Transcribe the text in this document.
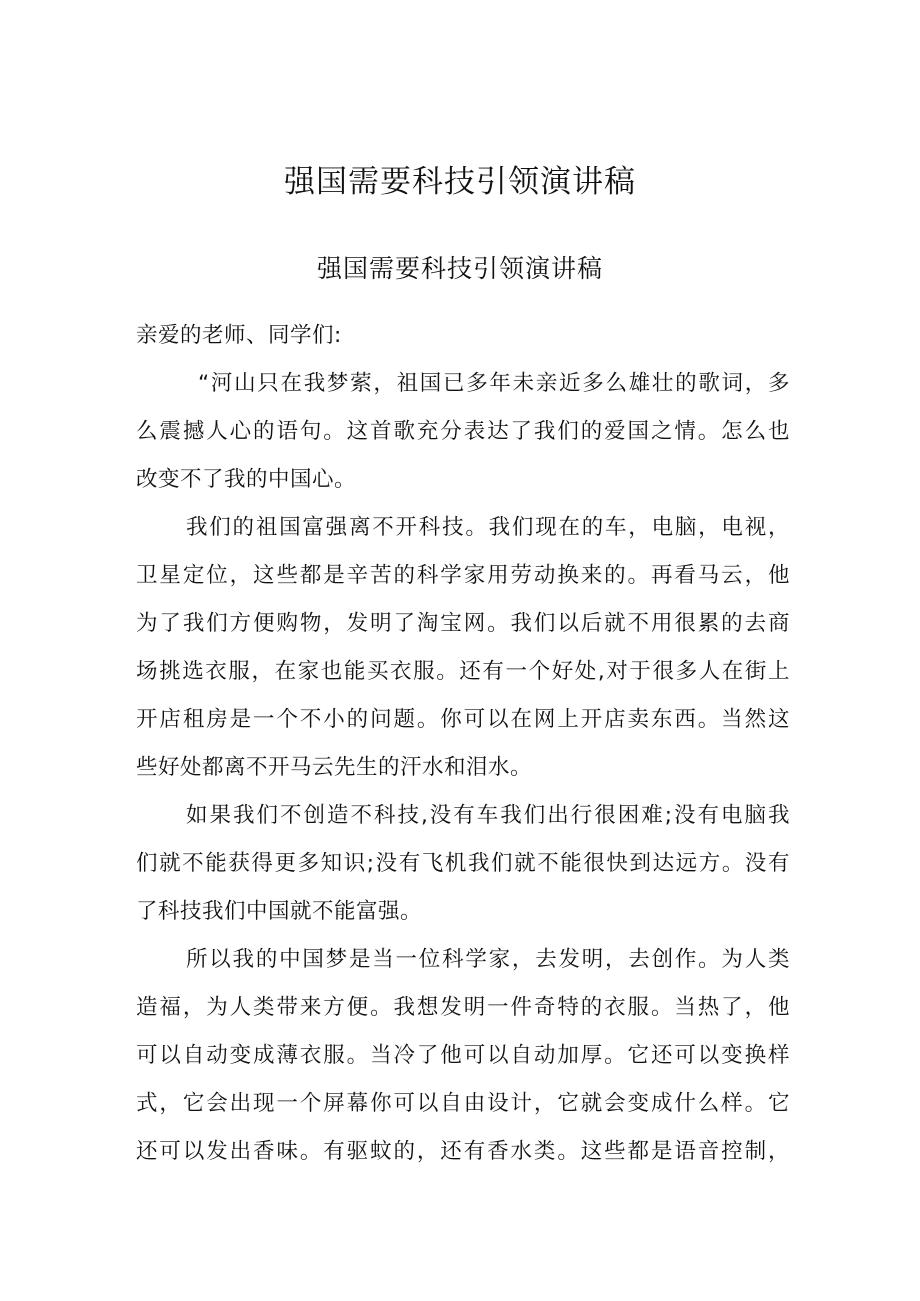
强国需要科技引领演讲稿
强国需要科技引领演讲稿

亲爱的老师、同学们:

“河山只在我梦萦，祖国已多年未亲近多么雄壮的歌词，多
么震撼人心的语句。这首歌充分表达了我们的爱国之情。怎么也
改变不了我的中国心。

我们的祖国富强离不开科技。我们现在的车，电脑，电视，
卫星定位，这些都是辛苦的科学家用劳动换来的。再看马云，他
为了我们方便购物，发明了淘宝网。我们以后就不用很累的去商
场挑选衣服，在家也能买衣服。还有一个好处,对于很多人在街上
开店租房是一个不小的问题。你可以在网上开店卖东西。当然这
些好处都离不开马云先生的汗水和泪水。

如果我们不创造不科技,没有车我们出行很困难;没有电脑我
们就不能获得更多知识;没有飞机我们就不能很快到达远方。没有
了科技我们中国就不能富强。

所以我的中国梦是当一位科学家，去发明，去创作。为人类
造福，为人类带来方便。我想发明一件奇特的衣服。当热了，他
可以自动变成薄衣服。当冷了他可以自动加厚。它还可以变换样
式，它会出现一个屏幕你可以自由设计，它就会变成什么样。它
还可以发出香味。有驱蚊的，还有香水类。这些都是语音控制，
